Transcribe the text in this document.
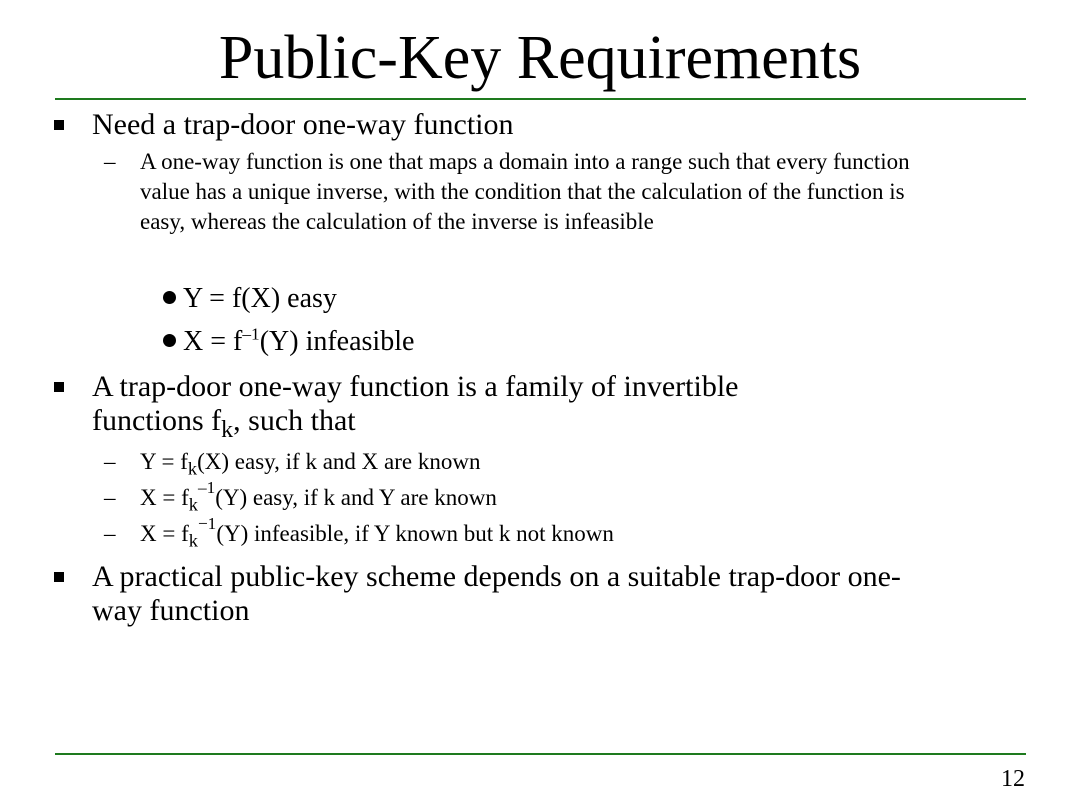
Public-Key Requirements
Need a trap-door one-way function
– A one-way function is one that maps a domain into a range such that every function value has a unique inverse, with the condition that the calculation of the function is easy, whereas the calculation of the inverse is infeasible
Y = f(X) easy
$X = f^{-1}(Y)$ infeasible
A trap-door one-way function is a family of invertible functions $f_k$, such that
– $Y = f_k(X)$ easy, if k and X are known
– $X = f_k^{-1}(Y)$ easy, if k and Y are known
– $X = f_k^{-1}(Y)$ infeasible, if Y known but k not known
A practical public-key scheme depends on a suitable trap-door one-way function
12
